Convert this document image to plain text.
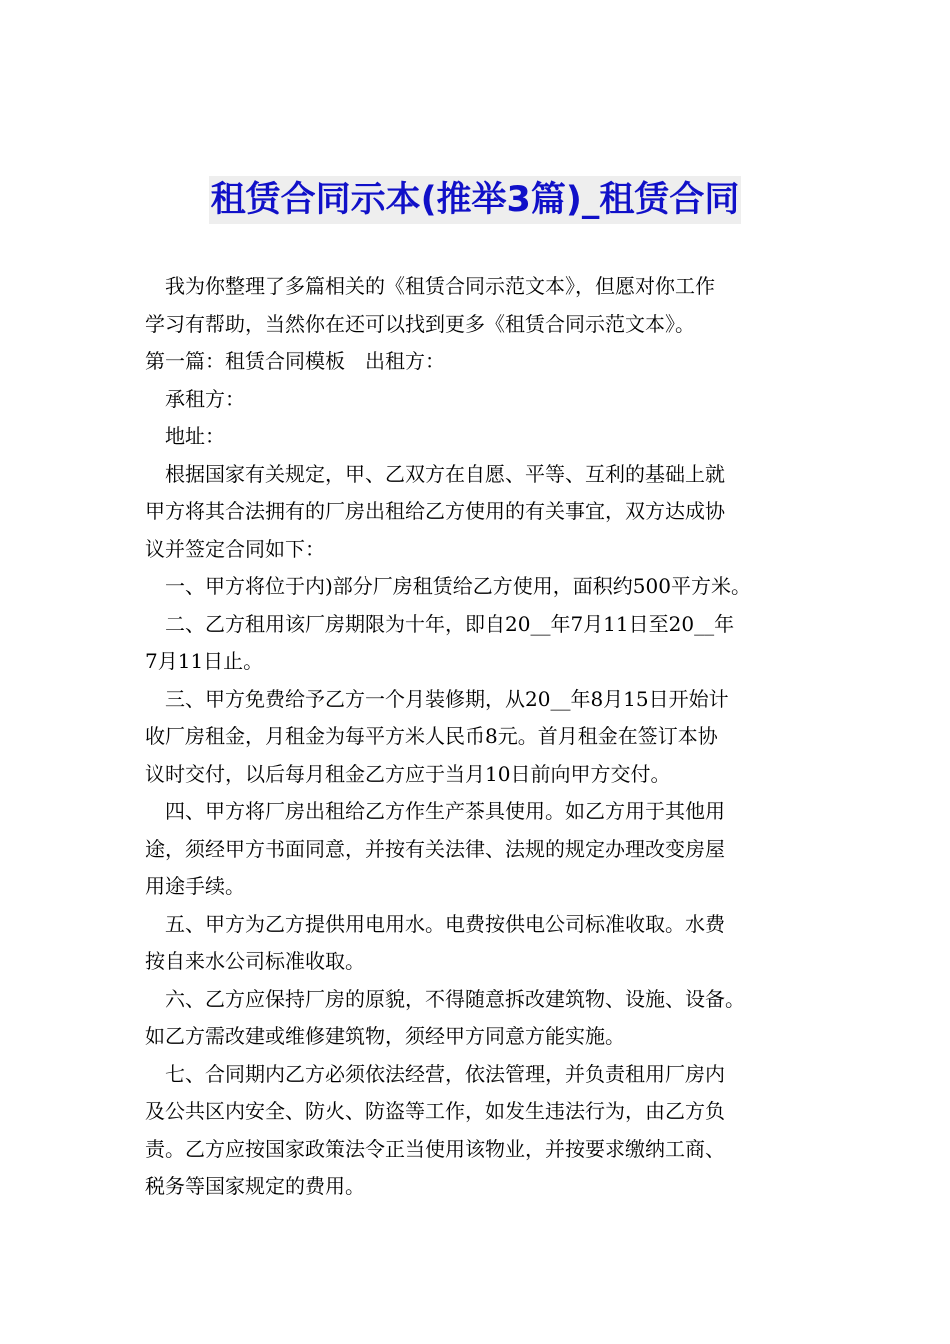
租赁合同示本(推举3篇)_租赁合同

　我为你整理了多篇相关的《租赁合同示范文本》，但愿对你工作

学习有帮助，当然你在还可以找到更多《租赁合同示范文本》。

第一篇：租赁合同模板　出租方：

　承租方：

　地址：

　根据国家有关规定，甲、乙双方在自愿、平等、互利的基础上就

甲方将其合法拥有的厂房出租给乙方使用的有关事宜，双方达成协

议并签定合同如下：

　一、甲方将位于内)部分厂房租赁给乙方使用，面积约500平方米。

　二、乙方租用该厂房期限为十年，即自20__年7月11日至20__年

7月11日止。

　三、甲方免费给予乙方一个月装修期，从20__年8月15日开始计

收厂房租金，月租金为每平方米人民币8元。首月租金在签订本协

议时交付，以后每月租金乙方应于当月10日前向甲方交付。

　四、甲方将厂房出租给乙方作生产茶具使用。如乙方用于其他用

途，须经甲方书面同意，并按有关法律、法规的规定办理改变房屋

用途手续。

　五、甲方为乙方提供用电用水。电费按供电公司标准收取。水费

按自来水公司标准收取。

　六、乙方应保持厂房的原貌，不得随意拆改建筑物、设施、设备。

如乙方需改建或维修建筑物，须经甲方同意方能实施。

　七、合同期内乙方必须依法经营，依法管理，并负责租用厂房内

及公共区内安全、防火、防盗等工作，如发生违法行为，由乙方负

责。乙方应按国家政策法令正当使用该物业，并按要求缴纳工商、

税务等国家规定的费用。
